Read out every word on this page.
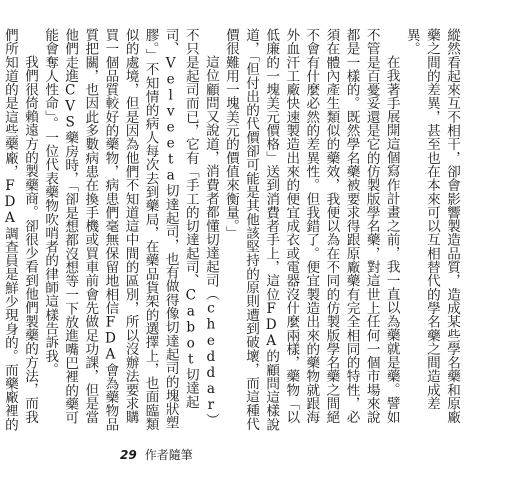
縱然看起來互不相干，卻會影響製造品質，造成某些學名藥和原廠藥之間的差異，甚至也在本來可以互相替代的學名藥之間造成差異。

在我著手展開這個寫作計畫之前，我一直以為藥就是藥。譬如不管是百憂妥還是它的仿製版學名藥，對這世上任何一個市場來說都是一樣的。既然學名藥被要求得跟原廠藥有完全相同的特性，必須在體內產生類似的藥效，我便以為在不同的仿製版學名藥之間絕不會有什麼必然的差異性。但我錯了。便宜製造出來的藥物就跟海外血汗工廠快速製造出來的便宜成衣或電器沒什麼兩樣，藥物「以低廉的一塊美元價格」送到消費者手上，這位FDA的顧問這樣說道，「但付出的代價卻可能是其他該堅持的原則遭到破壞，而這種代價很難用一塊美元的價值來衡量。」

這位顧問又說道，消費者都懂切達起司（cheddar）不只是起司而已，它有「手工的切達起司、Cabot切達起司、Velveeta切達起司，也有做得像切達起司的塊狀塑膠。」不知情的病人每次去到藥局，在藥品貨架的選擇上，也面臨類似的處境，但是因為他們不知道這中間的區別，所以沒辦法要求購買一個品質較好的藥物，病患們毫無保留地相信FDA會為藥物品質把關，也因此多數病患在換手機或買車前會先做足功課，但是當他們走進CVS藥房時，「卻是想都沒想等一下放進嘴巴裡的藥可能會奪人性命」。一位代表藥物吹哨者的律師這樣告訴我。

我們很倚賴遠方的製藥商。卻很少看到他們製藥的方法，而我們所知道的是這些藥廠，FDA調查員是鮮少現身的。而藥廠裡的

29 作者隨筆
